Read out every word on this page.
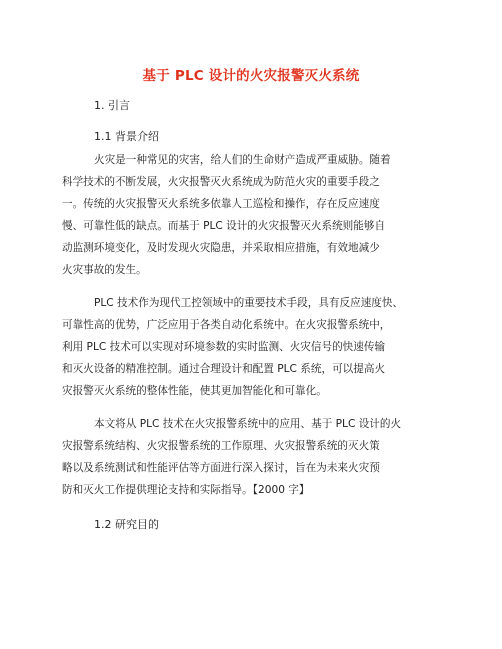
基于 PLC 设计的火灾报警灭火系统
1. 引言
1.1 背景介绍
火灾是一种常见的灾害，给人们的生命财产造成严重威胁。随着
科学技术的不断发展，火灾报警灭火系统成为防范火灾的重要手段之
一。传统的火灾报警灭火系统多依靠人工巡检和操作，存在反应速度
慢、可靠性低的缺点。而基于 PLC 设计的火灾报警灭火系统则能够自
动监测环境变化，及时发现火灾隐患，并采取相应措施，有效地减少
火灾事故的发生。
PLC 技术作为现代工控领域中的重要技术手段，具有反应速度快、
可靠性高的优势，广泛应用于各类自动化系统中。在火灾报警系统中，
利用 PLC 技术可以实现对环境参数的实时监测、火灾信号的快速传输
和灭火设备的精准控制。通过合理设计和配置 PLC 系统，可以提高火
灾报警灭火系统的整体性能，使其更加智能化和可靠化。
本文将从 PLC 技术在火灾报警系统中的应用、基于 PLC 设计的火
灾报警系统结构、火灾报警系统的工作原理、火灾报警系统的灭火策
略以及系统测试和性能评估等方面进行深入探讨，旨在为未来火灾预
防和灭火工作提供理论支持和实际指导。【2000 字】
1.2 研究目的
